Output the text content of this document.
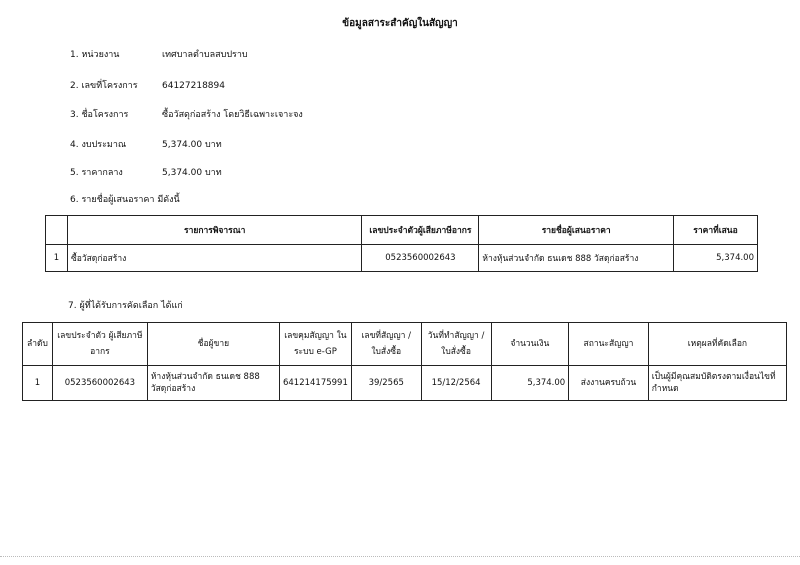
ข้อมูลสาระสำคัญในสัญญา
1. หน่วยงาน	เทศบาลตำบลสบปราบ
2. เลขที่โครงการ	64127218894
3. ชื่อโครงการ	ซื้อวัสดุก่อสร้าง โดยวิธีเฉพาะเจาะจง
4. งบประมาณ	5,374.00 บาท
5. ราคากลาง	5,374.00 บาท
6. รายชื่อผู้เสนอราคา มีดังนี้
	รายการพิจารณา	เลขประจำตัวผู้เสียภาษีอากร	รายชื่อผู้เสนอราคา	ราคาที่เสนอ
1	ซื้อวัสดุก่อสร้าง	0523560002643	ห้างหุ้นส่วนจำกัด ธนเดช 888 วัสดุก่อสร้าง	5,374.00
7. ผู้ที่ได้รับการคัดเลือก ได้แก่
ลำดับ	เลขประจำตัว ผู้เสียภาษีอากร	ชื่อผู้ขาย	เลขคุมสัญญา ในระบบ e-GP	เลขที่สัญญา / ใบสั่งซื้อ	วันที่ทำสัญญา / ใบสั่งซื้อ	จำนวนเงิน	สถานะสัญญา	เหตุผลที่คัดเลือก
1	0523560002643	ห้างหุ้นส่วนจำกัด ธนเดช 888 วัสดุก่อสร้าง	641214175991	39/2565	15/12/2564	5,374.00	ส่งงานครบถ้วน	เป็นผู้มีคุณสมบัติตรงตามเงื่อนไขที่กำหนด
